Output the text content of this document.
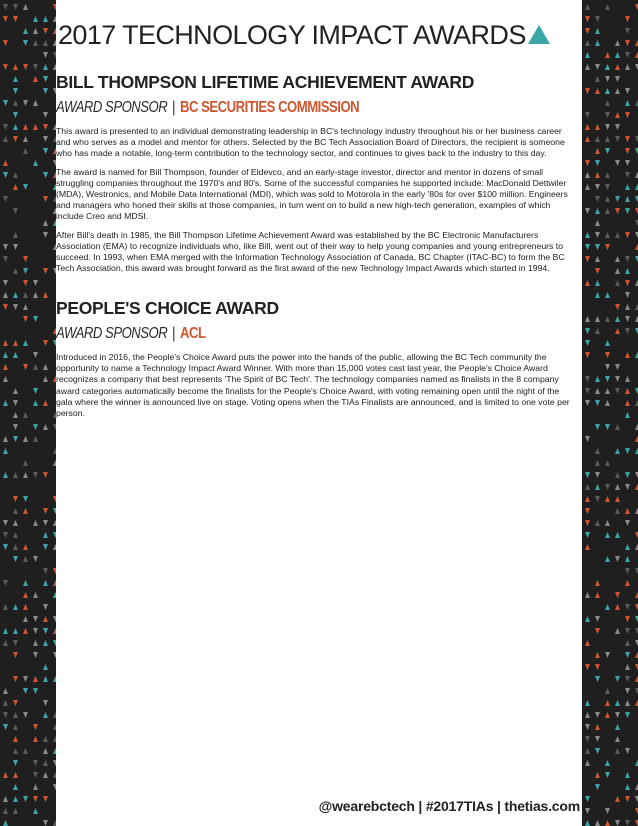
2017 TECHNOLOGY IMPACT AWARDS
BILL THOMPSON LIFETIME ACHIEVEMENT AWARD
AWARD SPONSOR | BC SECURITIES COMMISSION

This award is presented to an individual demonstrating leadership in BC's technology industry throughout his or her business career and who serves as a model and mentor for others. Selected by the BC Tech Association Board of Directors, the recipient is someone who has made a notable, long-term contribution to the technology sector, and continues to gives back to the industry to this day.

The award is named for Bill Thompson, founder of Eldevco, and an early-stage investor, director and mentor in dozens of small struggling companies throughout the 1970's and 80's. Some of the successful companies he supported include: MacDonald Dettwiler (MDA), Westronics, and Mobile Data International (MDI), which was sold to Motorola in the early '80s for over $100 million. Engineers and managers who honed their skills at those companies, in turn went on to build a new high-tech generation, examples of which include Creo and MDSI.

After Bill's death in 1985, the Bill Thompson Lifetime Achievement Award was established by the BC Electronic Manufacturers Association (EMA) to recognize individuals who, like Bill, went out of their way to help young companies and young entrepreneurs to succeed. In 1993, when EMA merged with the Information Technology Association of Canada, BC Chapter (ITAC-BC) to form the BC Tech Association, this award was brought forward as the first award of the new Technology Impact Awards which started in 1994.

PEOPLE'S CHOICE AWARD
AWARD SPONSOR | ACL

Introduced in 2016, the People's Choice Award puts the power into the hands of the public, allowing the BC Tech community the opportunity to name a Technology Impact Award Winner. With more than 15,000 votes cast last year, the People's Choice Award recognizes a company that best represents 'The Spirit of BC Tech'. The technology companies named as finalists in the 8 company award categories automatically become the finalists for the People's Choice Award, with voting remaining open until the night of the gala where the winner is announced live on stage. Voting opens when the TIAs Finalists are announced, and is limited to one vote per person.

@wearebctech | #2017TIAs | thetias.com
